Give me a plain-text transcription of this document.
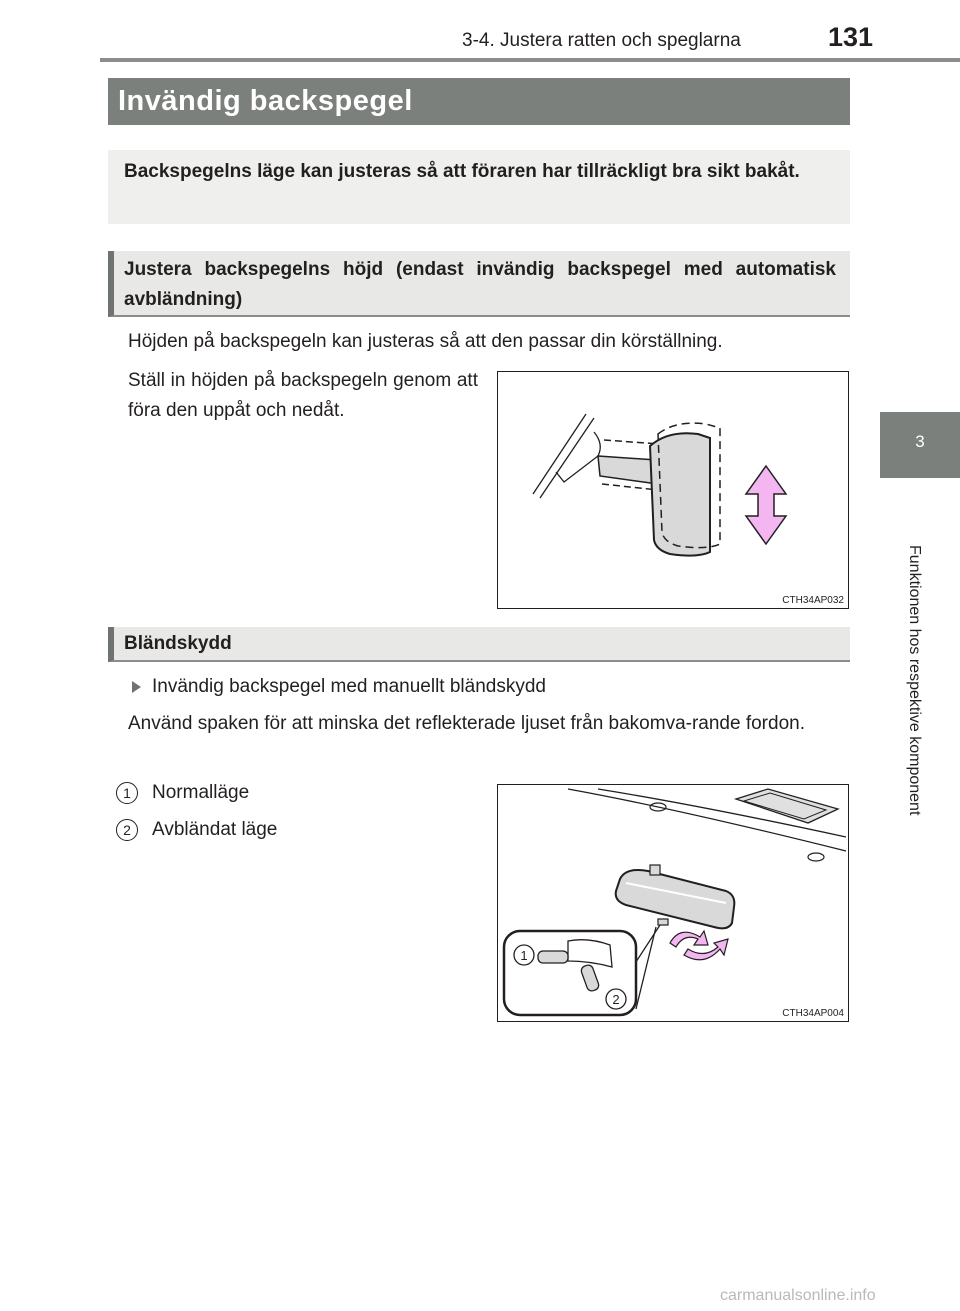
3-4. Justera ratten och speglarna	131
3
Funktionen hos respektive komponent
Invändig backspegel
Backspegelns läge kan justeras så att föraren har tillräckligt bra sikt bakåt.
Justera backspegelns höjd (endast invändig backspegel med automatisk avbländning)
Höjden på backspegeln kan justeras så att den passar din körställning.
Ställ in höjden på backspegeln genom att föra den uppåt och nedåt.
CTH34AP032
Bländskydd
Invändig backspegel med manuellt bländskydd
Använd spaken för att minska det reflekterade ljuset från bakomva-rande fordon.
1	Normalläge
2	Avbländat läge
1
2
CTH34AP004
carmanualsonline.info
